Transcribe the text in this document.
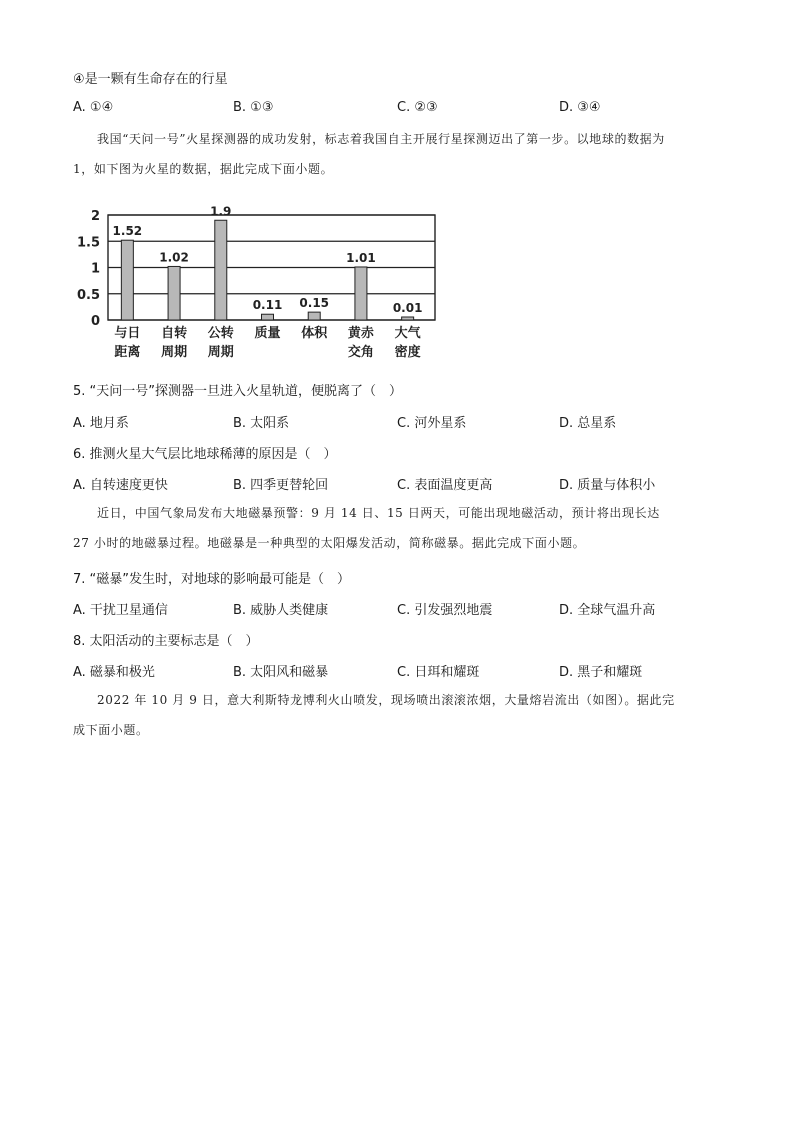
④是一颗有生命存在的行星
A. ①④	B. ①③	C. ②③	D. ③④
我国“天问一号”火星探测器的成功发射，标志着我国自主开展行星探测迈出了第一步。以地球的数据为
1，如下图为火星的数据，据此完成下面小题。
0
0.5
1
1.5
2
1.52
与日
距离
1.02
自转
周期
1.9
公转
周期
0.11
质量
0.15
体积
1.01
黄赤
交角
0.01
大气
密度
5. “天问一号”探测器一旦进入火星轨道，便脱离了（　）
A. 地月系	B. 太阳系	C. 河外星系	D. 总星系
6. 推测火星大气层比地球稀薄的原因是（　）
A. 自转速度更快	B. 四季更替轮回	C. 表面温度更高	D. 质量与体积小
近日，中国气象局发布大地磁暴预警：9 月 14 日、15 日两天，可能出现地磁活动，预计将出现长达
27 小时的地磁暴过程。地磁暴是一种典型的太阳爆发活动，简称磁暴。据此完成下面小题。
7. “磁暴”发生时，对地球的影响最可能是（　）
A. 干扰卫星通信	B. 威胁人类健康	C. 引发强烈地震	D. 全球气温升高
8. 太阳活动的主要标志是（　）
A. 磁暴和极光	B. 太阳风和磁暴	C. 日珥和耀斑	D. 黑子和耀斑
2022 年 10 月 9 日，意大利斯特龙博利火山喷发，现场喷出滚滚浓烟，大量熔岩流出（如图）。据此完
成下面小题。
